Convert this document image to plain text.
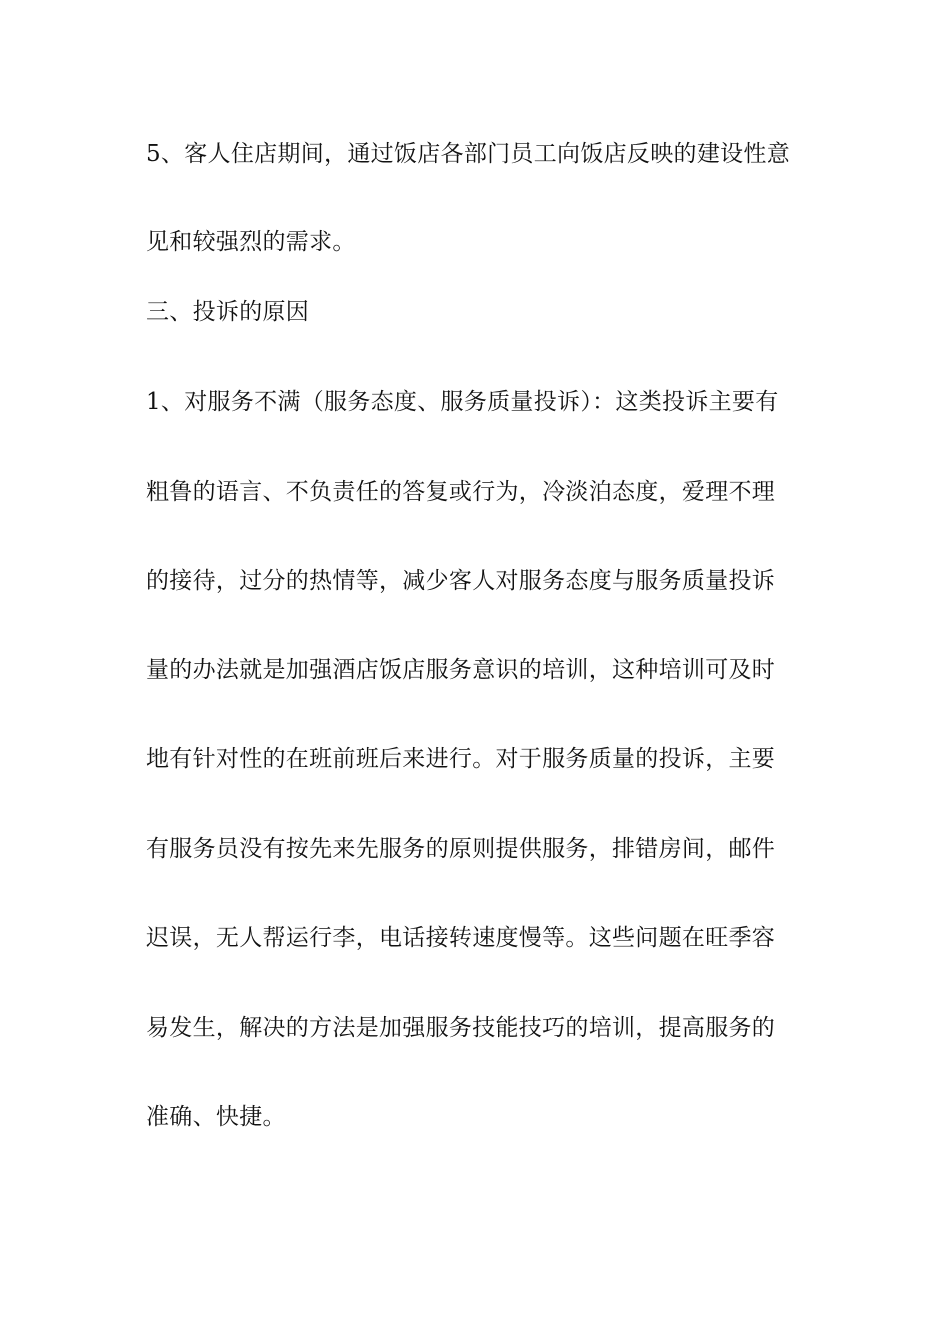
5、客人住店期间，通过饭店各部门员工向饭店反映的建设性意
见和较强烈的需求。
三、投诉的原因
1、对服务不满（服务态度、服务质量投诉）：这类投诉主要有
粗鲁的语言、不负责任的答复或行为，冷淡泊态度，爱理不理
的接待，过分的热情等，减少客人对服务态度与服务质量投诉
量的办法就是加强酒店饭店服务意识的培训，这种培训可及时
地有针对性的在班前班后来进行。对于服务质量的投诉，主要
有服务员没有按先来先服务的原则提供服务，排错房间，邮件
迟误，无人帮运行李，电话接转速度慢等。这些问题在旺季容
易发生，解决的方法是加强服务技能技巧的培训，提高服务的
准确、快捷。
